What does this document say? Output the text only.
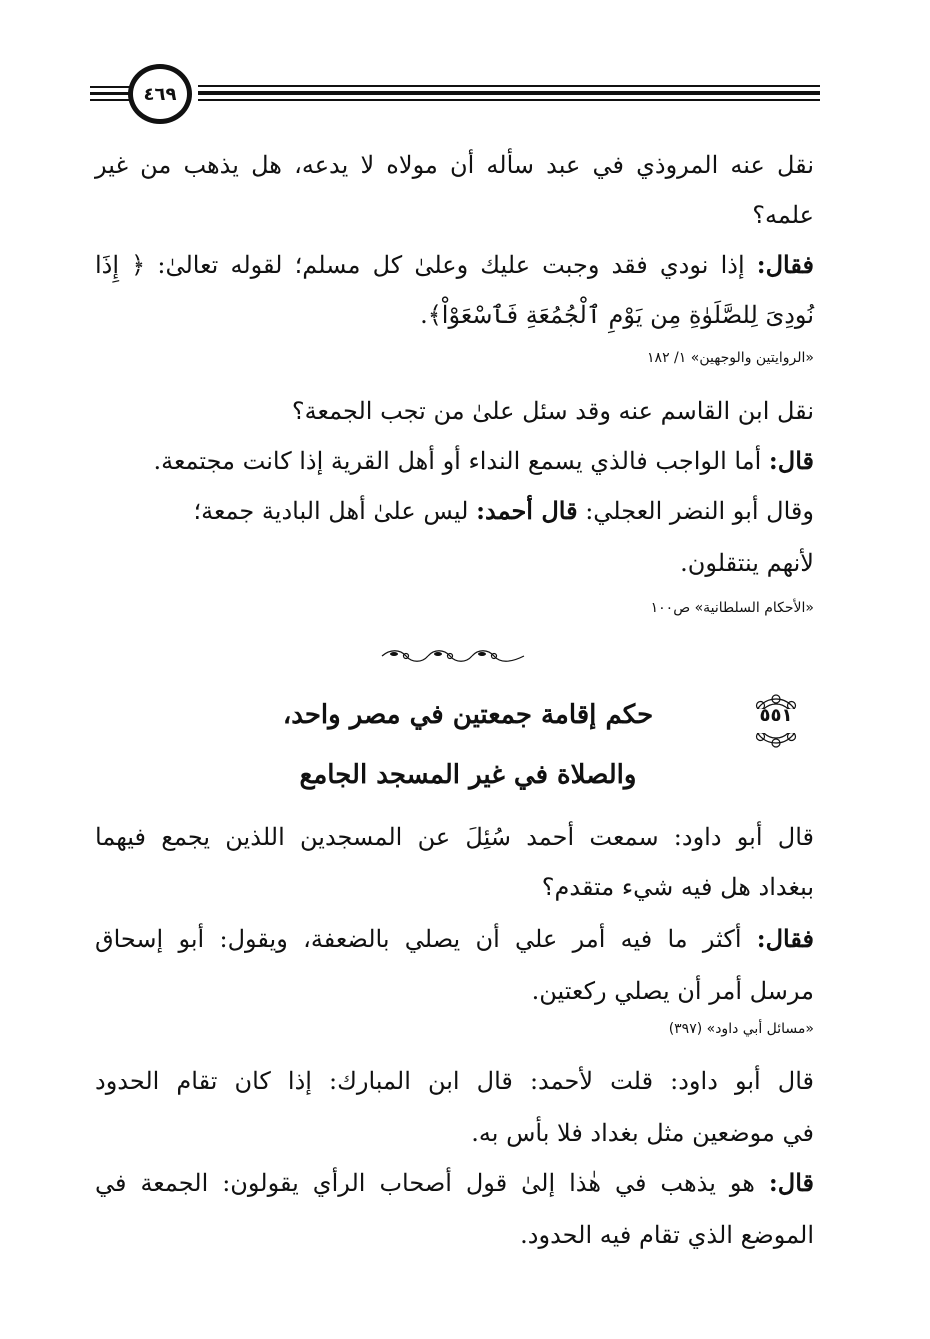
٤٦٩
نقل عنه المروذي في عبد سأله أن مولاه لا يدعه، هل يذهب من غير
علمه؟
فقال: إذا نودي فقد وجبت عليك وعلىٰ كل مسلم؛ لقوله تعالىٰ: ﴿ إِذَا
نُودِىَ لِلصَّلَوٰةِ مِن يَوْمِ ٱلْجُمُعَةِ فَٱسْعَوْاْ﴾.
«الروايتين والوجهين» ١/ ١٨٢
نقل ابن القاسم عنه وقد سئل علىٰ من تجب الجمعة؟
قال: أما الواجب فالذي يسمع النداء أو أهل القرية إذا كانت مجتمعة.
وقال أبو النضر العجلي: قال أحمد: ليس علىٰ أهل البادية جمعة؛
لأنهم ينتقلون.
«الأحكام السلطانية» ص١٠٠
٥٥١
حكم إقامة جمعتين في مصر واحد،
والصلاة في غير المسجد الجامع
قال أبو داود: سمعت أحمد سُئِلَ عن المسجدين اللذين يجمع فيهما
ببغداد هل فيه شيء متقدم؟
فقال: أكثر ما فيه أمر علي أن يصلي بالضعفة، ويقول: أبو إسحاق
مرسل أمر أن يصلي ركعتين.
«مسائل أبي داود» (٣٩٧)
قال أبو داود: قلت لأحمد: قال ابن المبارك: إذا كان تقام الحدود
في موضعين مثل بغداد فلا بأس به.
قال: هو يذهب في هٰذا إلىٰ قول أصحاب الرأي يقولون: الجمعة في
الموضع الذي تقام فيه الحدود.
